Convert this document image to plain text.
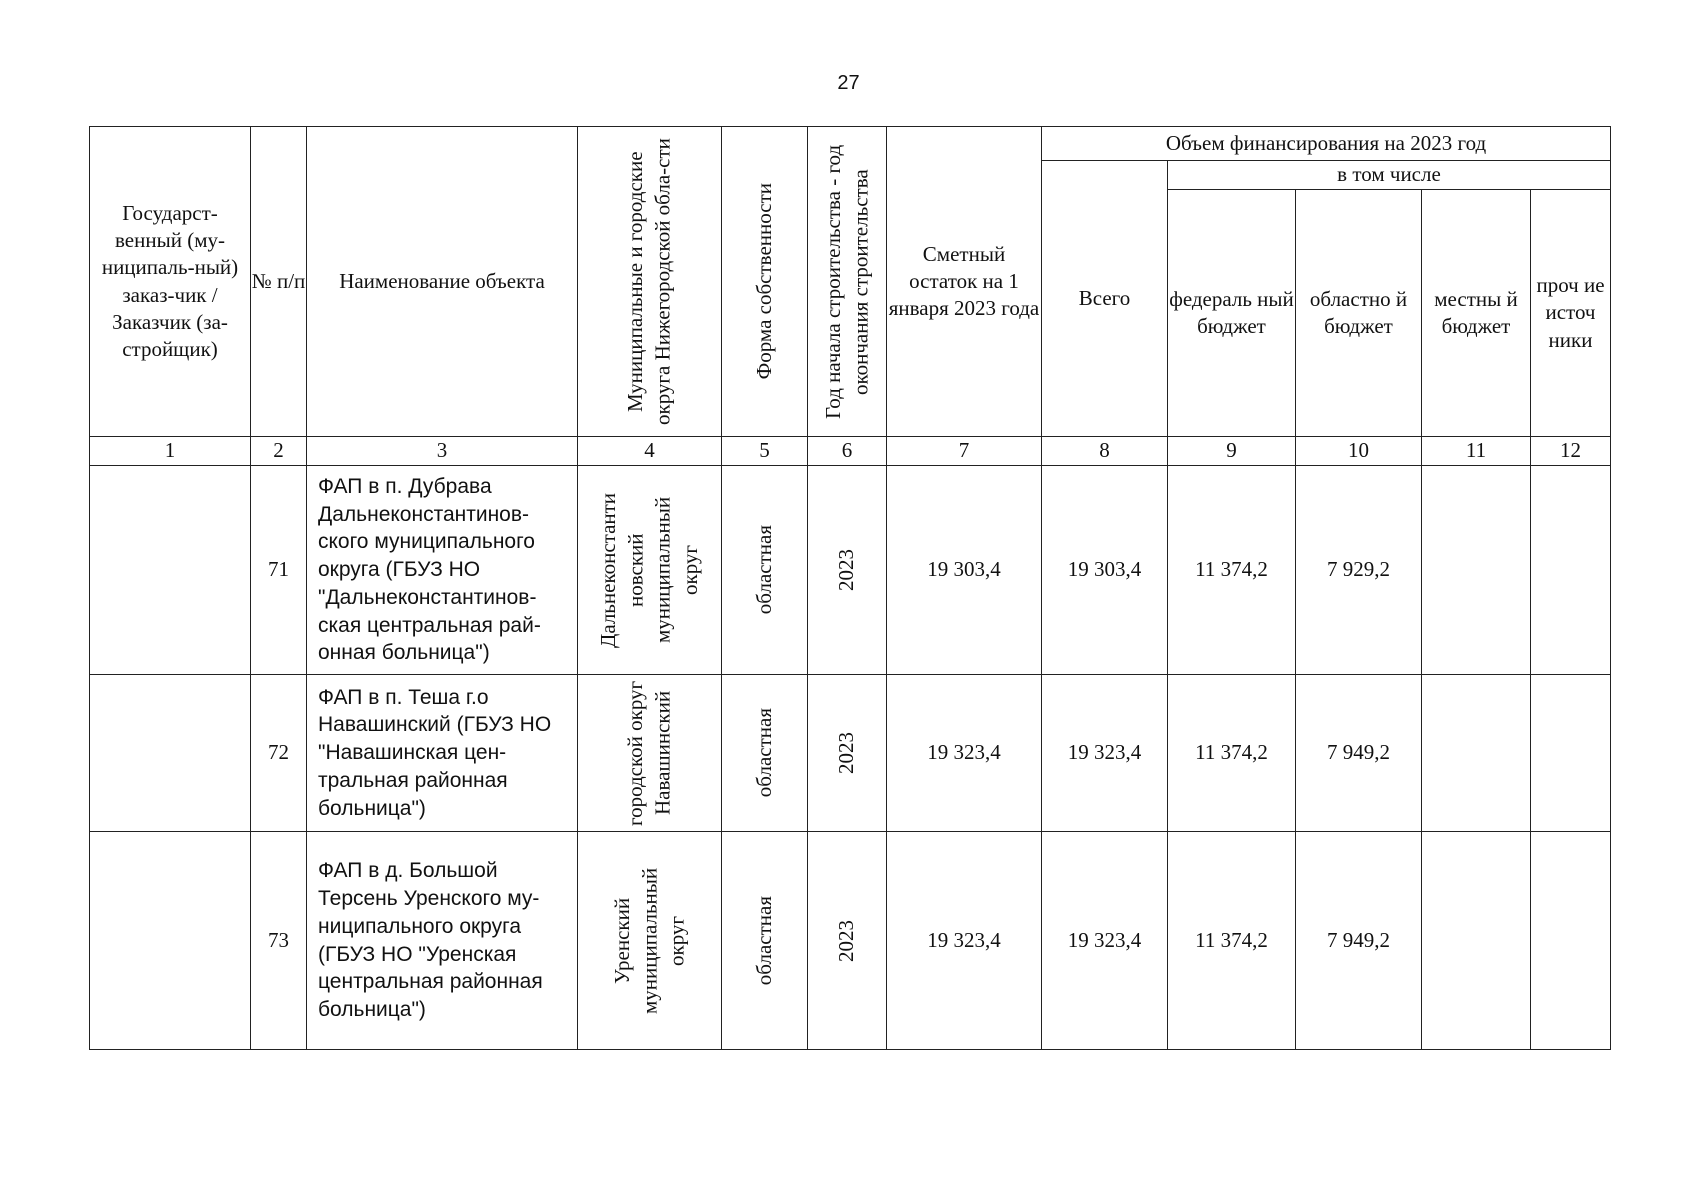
27
Государст-венный (му-ниципаль-ный) заказ-чик / Заказчик (за-стройщик)	№ п/п	Наименование объекта	Муниципальные и городские округа Нижегородской обла-сти	Форма собственности	Год начала строительства - год окончания строительства	Сметный остаток на 1 января 2023 года	Объем финансирования на 2023 год				
							Всего	в том числе			
								федераль ный бюджет	областно й бюджет	местны й бюджет	проч ие источ ники
1	2	3	4	5	6	7	8	9	10	11	12
	71	ФАП в п. Дубрава Дальнеконстантинов-ского муниципального округа (ГБУЗ НО "Дальнеконстантинов-ская центральная рай-онная больница")	Дальнеконстанти новский муниципальный округ	областная	2023	19 303,4	19 303,4	11 374,2	7 929,2		
	72	ФАП в п. Теша г.о Навашинский (ГБУЗ НО "Навашинская цен-тральная районная больница")	городской округ Навашинский	областная	2023	19 323,4	19 323,4	11 374,2	7 949,2		
	73	ФАП в д. Большой Терсень Уренского му-ниципального округа (ГБУЗ НО "Уренская центральная районная больница")	Уренский муниципальный округ	областная	2023	19 323,4	19 323,4	11 374,2	7 949,2		
